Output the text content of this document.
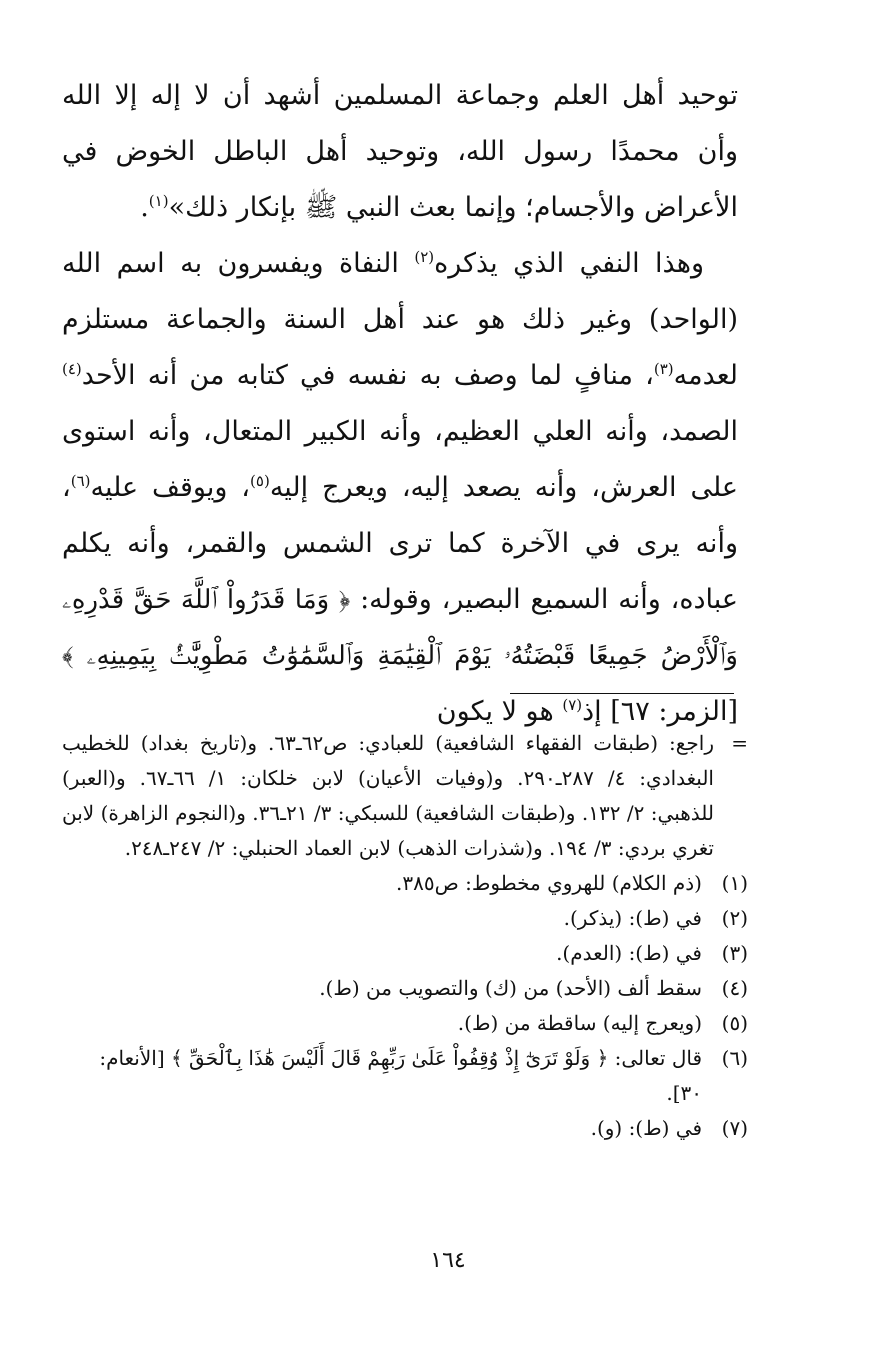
توحيد أهل العلم وجماعة المسلمين أشهد أن لا إله إلا الله وأن محمدًا رسول الله، وتوحيد أهل الباطل الخوض في الأعراض والأجسام؛ وإنما بعث النبي ﷺ بإنكار ذلك»$^{(١)}$.

وهذا النفي الذي يذكره$^{(٢)}$ النفاة ويفسرون به اسم الله (الواحد) وغير ذلك هو عند أهل السنة والجماعة مستلزم لعدمه$^{(٣)}$، منافٍ لما وصف به نفسه في كتابه من أنه الأحد$^{(٤)}$ الصمد، وأنه العلي العظيم، وأنه الكبير المتعال، وأنه استوى على العرش، وأنه يصعد إليه، ويعرج إليه$^{(٥)}$، ويوقف عليه$^{(٦)}$، وأنه يرى في الآخرة كما ترى الشمس والقمر، وأنه يكلم عباده، وأنه السميع البصير، وقوله: ﴿ وَمَا قَدَرُواْ ٱللَّهَ حَقَّ قَدْرِهِۦ وَٱلْأَرْضُ جَمِيعًا قَبْضَتُهُۥ يَوْمَ ٱلْقِيَٰمَةِ وَٱلسَّمَٰوَٰتُ مَطْوِيَّٰتُۢ بِيَمِينِهِۦ ﴾ [الزمر: ٦٧] إذ$^{(٧)}$ هو لا يكون

=
راجع: (طبقات الفقهاء الشافعية) للعبادي: ص٦٢ـ٦٣. و(تاريخ بغداد) للخطيب البغدادي: ٤/ ٢٨٧ـ٢٩٠. و(وفيات الأعيان) لابن خلكان: ١/ ٦٦ـ٦٧. و(العبر) للذهبي: ٢/ ١٣٢. و(طبقات الشافعية) للسبكي: ٣/ ٢١ـ٣٦. و(النجوم الزاهرة) لابن تغري بردي: ٣/ ١٩٤. و(شذرات الذهب) لابن العماد الحنبلي: ٢/ ٢٤٧ـ٢٤٨.
(١)
(ذم الكلام) للهروي مخطوط: ص٣٨٥.
(٢)
في (ط): (يذكر).
(٣)
في (ط): (العدم).
(٤)
سقط ألف (الأحد) من (ك) والتصويب من (ط).
(٥)
(ويعرج إليه) ساقطة من (ط).
(٦)
قال تعالى: ﴿ وَلَوْ تَرَىٰٓ إِذْ وُقِفُواْ عَلَىٰ رَبِّهِمْ قَالَ أَلَيْسَ هَٰذَا بِٱلْحَقِّ ﴾ [الأنعام: ٣٠].
(٧)
في (ط): (و).
١٦٤
